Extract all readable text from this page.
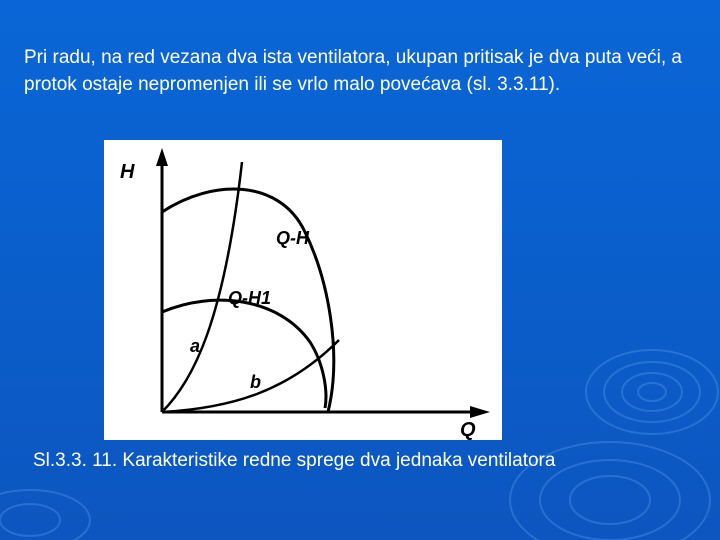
Pri radu, na red vezana dva ista ventilatora, ukupan pritisak je dva puta veći, a protok ostaje nepromenjen ili se vrlo malo povećava (sl. 3.3.11).

H
Q
Q-H
Q-H1
a
b

Sl.3.3. 11. Karakteristike redne sprege dva jednaka ventilatora
